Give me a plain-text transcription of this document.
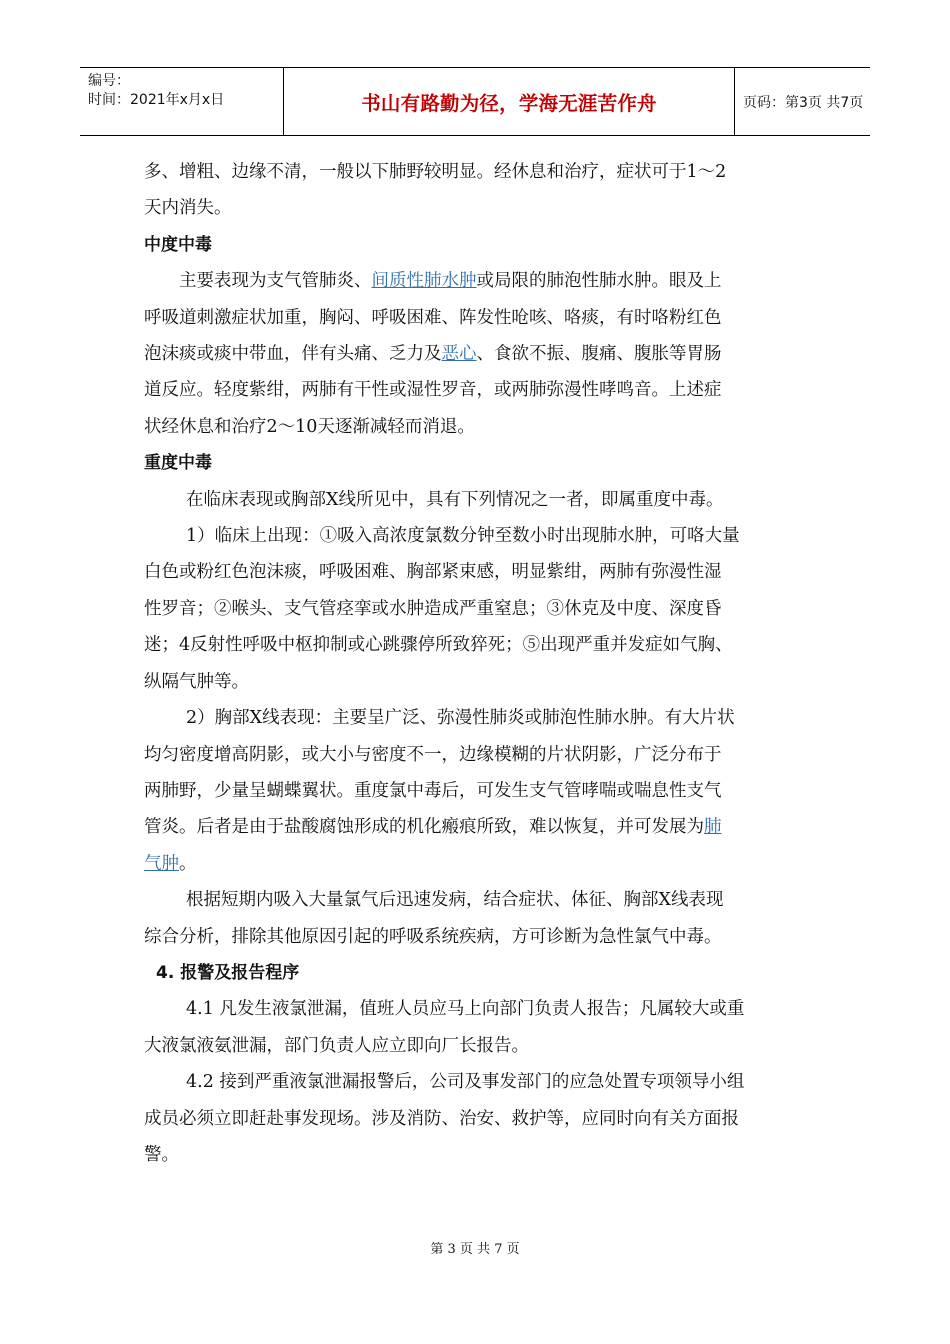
编号：
时间：2021年x月x日	书山有路勤为径，学海无涯苦作舟	页码：第3页 共7页

多、增粗、边缘不清，一般以下肺野较明显。经休息和治疗，症状可于1～2

天内消失。

中度中毒

主要表现为支气管肺炎、间质性肺水肿或局限的肺泡性肺水肿。眼及上

呼吸道刺激症状加重，胸闷、呼吸困难、阵发性呛咳、咯痰，有时咯粉红色

泡沫痰或痰中带血，伴有头痛、乏力及恶心、食欲不振、腹痛、腹胀等胃肠

道反应。轻度紫绀，两肺有干性或湿性罗音，或两肺弥漫性哮鸣音。上述症

状经休息和治疗2～10天逐渐减轻而消退。

重度中毒

在临床表现或胸部X线所见中，具有下列情况之一者，即属重度中毒。

1）临床上出现：①吸入高浓度氯数分钟至数小时出现肺水肿，可咯大量

白色或粉红色泡沫痰，呼吸困难、胸部紧束感，明显紫绀，两肺有弥漫性湿

性罗音；②喉头、支气管痉挛或水肿造成严重窒息；③休克及中度、深度昏

迷；4反射性呼吸中枢抑制或心跳骤停所致猝死；⑤出现严重并发症如气胸、

纵隔气肿等。

2）胸部X线表现：主要呈广泛、弥漫性肺炎或肺泡性肺水肿。有大片状

均匀密度增高阴影，或大小与密度不一，边缘模糊的片状阴影，广泛分布于

两肺野，少量呈蝴蝶翼状。重度氯中毒后，可发生支气管哮喘或喘息性支气

管炎。后者是由于盐酸腐蚀形成的机化瘢痕所致，难以恢复，并可发展为肺

气肿。

根据短期内吸入大量氯气后迅速发病，结合症状、体征、胸部X线表现

综合分析，排除其他原因引起的呼吸系统疾病，方可诊断为急性氯气中毒。

4. 报警及报告程序

4.1 凡发生液氯泄漏，值班人员应马上向部门负责人报告；凡属较大或重

大液氯液氨泄漏，部门负责人应立即向厂长报告。

4.2 接到严重液氯泄漏报警后，公司及事发部门的应急处置专项领导小组

成员必须立即赶赴事发现场。涉及消防、治安、救护等，应同时向有关方面报

警。

第 3 页 共 7 页
